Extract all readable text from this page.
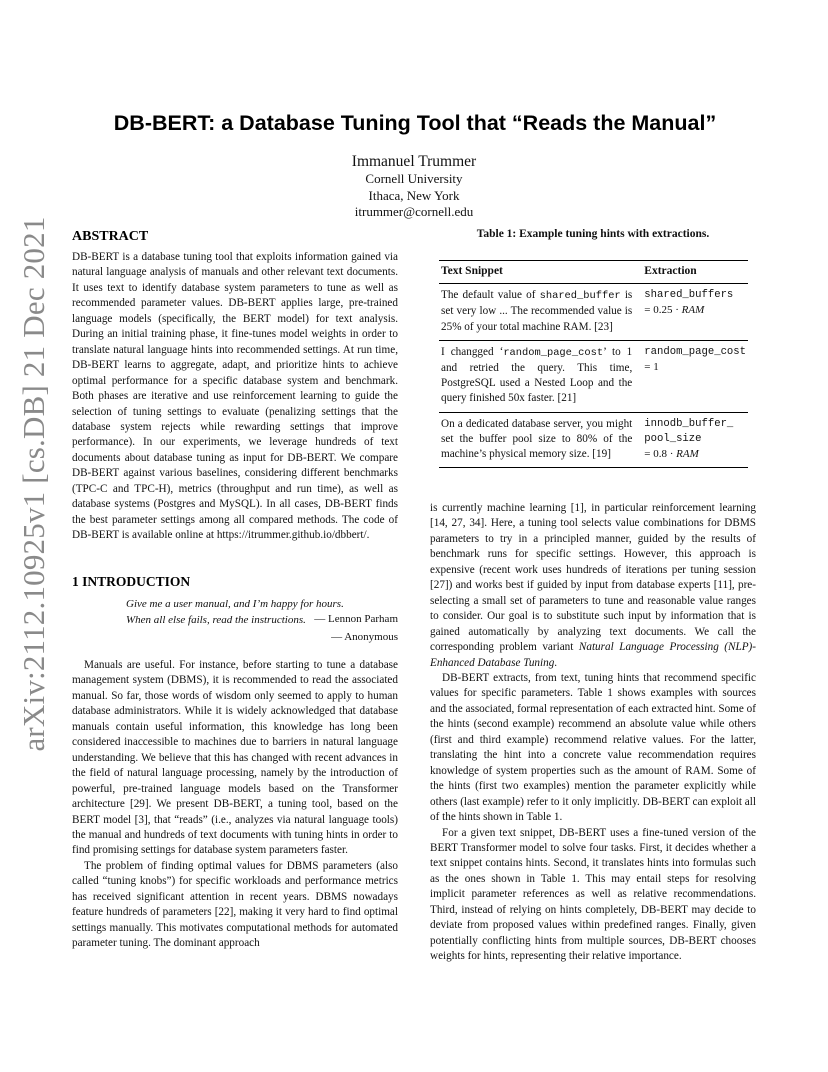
arXiv:2112.10925v1 [cs.DB] 21 Dec 2021
DB-BERT: a Database Tuning Tool that “Reads the Manual”
Immanuel Trummer
Cornell University
Ithaca, New York
itrummer@cornell.edu
ABSTRACT

DB-BERT is a database tuning tool that exploits information gained via natural language analysis of manuals and other relevant text documents. It uses text to identify database system parameters to tune as well as recommended parameter values. DB-BERT applies large, pre-trained language models (specifically, the BERT model) for text analysis. During an initial training phase, it fine-tunes model weights in order to translate natural language hints into recommended settings. At run time, DB-BERT learns to aggregate, adapt, and prioritize hints to achieve optimal performance for a specific database system and benchmark. Both phases are iterative and use reinforcement learning to guide the selection of tuning settings to evaluate (penalizing settings that the database system rejects while rewarding settings that improve performance). In our experiments, we leverage hundreds of text documents about database tuning as input for DB-BERT. We compare DB-BERT against various baselines, considering different benchmarks (TPC-C and TPC-H), metrics (throughput and run time), as well as database systems (Postgres and MySQL). In all cases, DB-BERT finds the best parameter settings among all compared methods. The code of DB-BERT is available online at https://itrummer.github.io/dbbert/.

1 INTRODUCTION
Give me a user manual, and I’m happy for hours.
— Lennon Parham
When all else fails, read the instructions.
— Anonymous

Manuals are useful. For instance, before starting to tune a database management system (DBMS), it is recommended to read the associated manual. So far, those words of wisdom only seemed to apply to human database administrators. While it is widely acknowledged that database manuals contain useful information, this knowledge has long been considered inaccessible to machines due to barriers in natural language understanding. We believe that this has changed with recent advances in the field of natural language processing, namely by the introduction of powerful, pre-trained language models based on the Transformer architecture [29]. We present DB-BERT, a tuning tool, based on the BERT model [3], that “reads” (i.e., analyzes via natural language tools) the manual and hundreds of text documents with tuning hints in order to find promising settings for database system parameters faster.

The problem of finding optimal values for DBMS parameters (also called “tuning knobs”) for specific workloads and performance metrics has received significant attention in recent years. DBMS nowadays feature hundreds of parameters [22], making it very hard to find optimal settings manually. This motivates computational methods for automated parameter tuning. The dominant approach

Table 1: Example tuning hints with extractions.

Text Snippet	Extraction
The default value of shared_buffer is set very low ... The recommended value is 25% of your total machine RAM. [23]	shared_buffers
= 0.25 · RAM

I changged ‘random_page_cost’ to 1 and retried the query. This time, PostgreSQL used a Nested Loop and the query finished 50x faster. [21]	random_page_cost
= 1

On a dedicated database server, you might set the buffer pool size to 80% of the machine’s physical memory size. [19]	innodb_buffer_
pool_size
= 0.8 · RAM

is currently machine learning [1], in particular reinforcement learning [14, 27, 34]. Here, a tuning tool selects value combinations for DBMS parameters to try in a principled manner, guided by the results of benchmark runs for specific settings. However, this approach is expensive (recent work uses hundreds of iterations per tuning session [27]) and works best if guided by input from database experts [11], pre-selecting a small set of parameters to tune and reasonable value ranges to consider. Our goal is to substitute such input by information that is gained automatically by analyzing text documents. We call the corresponding problem variant Natural Language Processing (NLP)-Enhanced Database Tuning.

DB-BERT extracts, from text, tuning hints that recommend specific values for specific parameters. Table 1 shows examples with sources and the associated, formal representation of each extracted hint. Some of the hints (second example) recommend an absolute value while others (first and third example) recommend relative values. For the latter, translating the hint into a concrete value recommendation requires knowledge of system properties such as the amount of RAM. Some of the hints (first two examples) mention the parameter explicitly while others (last example) refer to it only implicitly. DB-BERT can exploit all of the hints shown in Table 1.

For a given text snippet, DB-BERT uses a fine-tuned version of the BERT Transformer model to solve four tasks. First, it decides whether a text snippet contains hints. Second, it translates hints into formulas such as the ones shown in Table 1. This may entail steps for resolving implicit parameter references as well as relative recommendations. Third, instead of relying on hints completely, DB-BERT may decide to deviate from proposed values within predefined ranges. Finally, given potentially conflicting hints from multiple sources, DB-BERT chooses weights for hints, representing their relative importance.
